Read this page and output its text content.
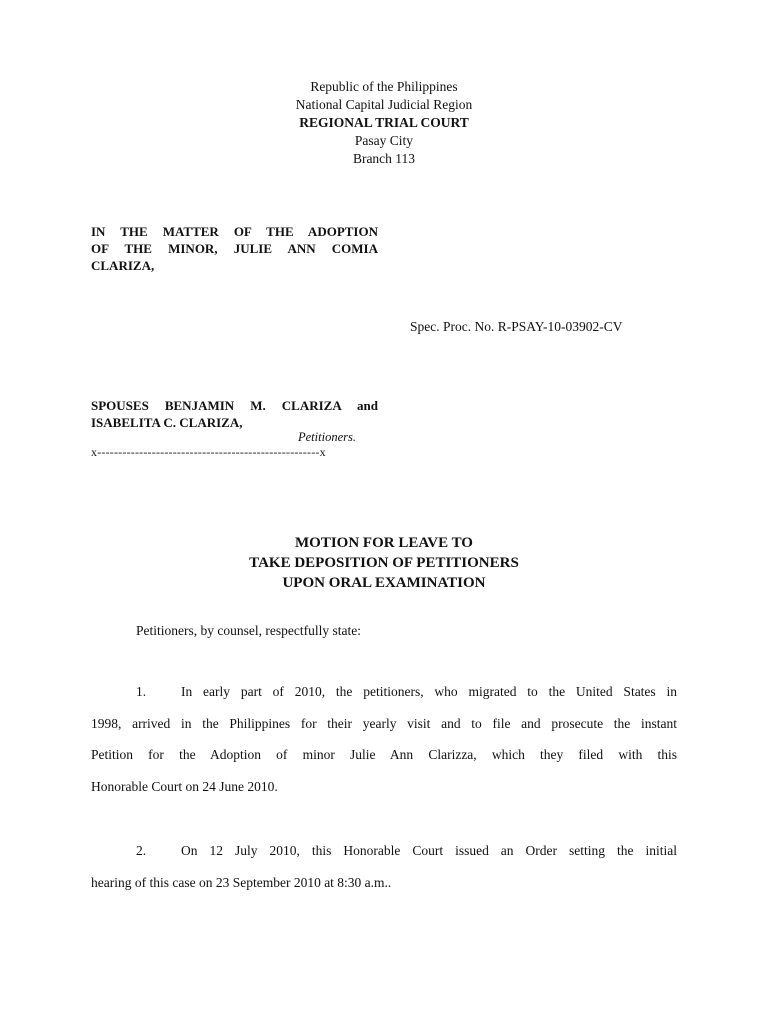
Republic of the Philippines
National Capital Judicial Region
REGIONAL TRIAL COURT
Pasay City
Branch 113
IN THE MATTER OF THE ADOPTION
OF THE MINOR, JULIE ANN COMIA
CLARIZA,
Spec. Proc. No. R-PSAY-10-03902-CV
SPOUSES BENJAMIN M. CLARIZA and
ISABELITA C. CLARIZA,
Petitioners.
x-----------------------------------------------------x
MOTION FOR LEAVE TO
TAKE DEPOSITION OF PETITIONERS
UPON ORAL EXAMINATION
Petitioners, by counsel, respectfully state:
1.	In early part of 2010, the petitioners, who migrated to the United States in
1998, arrived in the Philippines for their yearly visit and to file and prosecute the instant
Petition for the Adoption of minor Julie Ann Clarizza, which they filed with this
Honorable Court on 24 June 2010.
2.	On 12 July 2010, this Honorable Court issued an Order setting the initial
hearing of this case on 23 September 2010 at 8:30 a.m..
